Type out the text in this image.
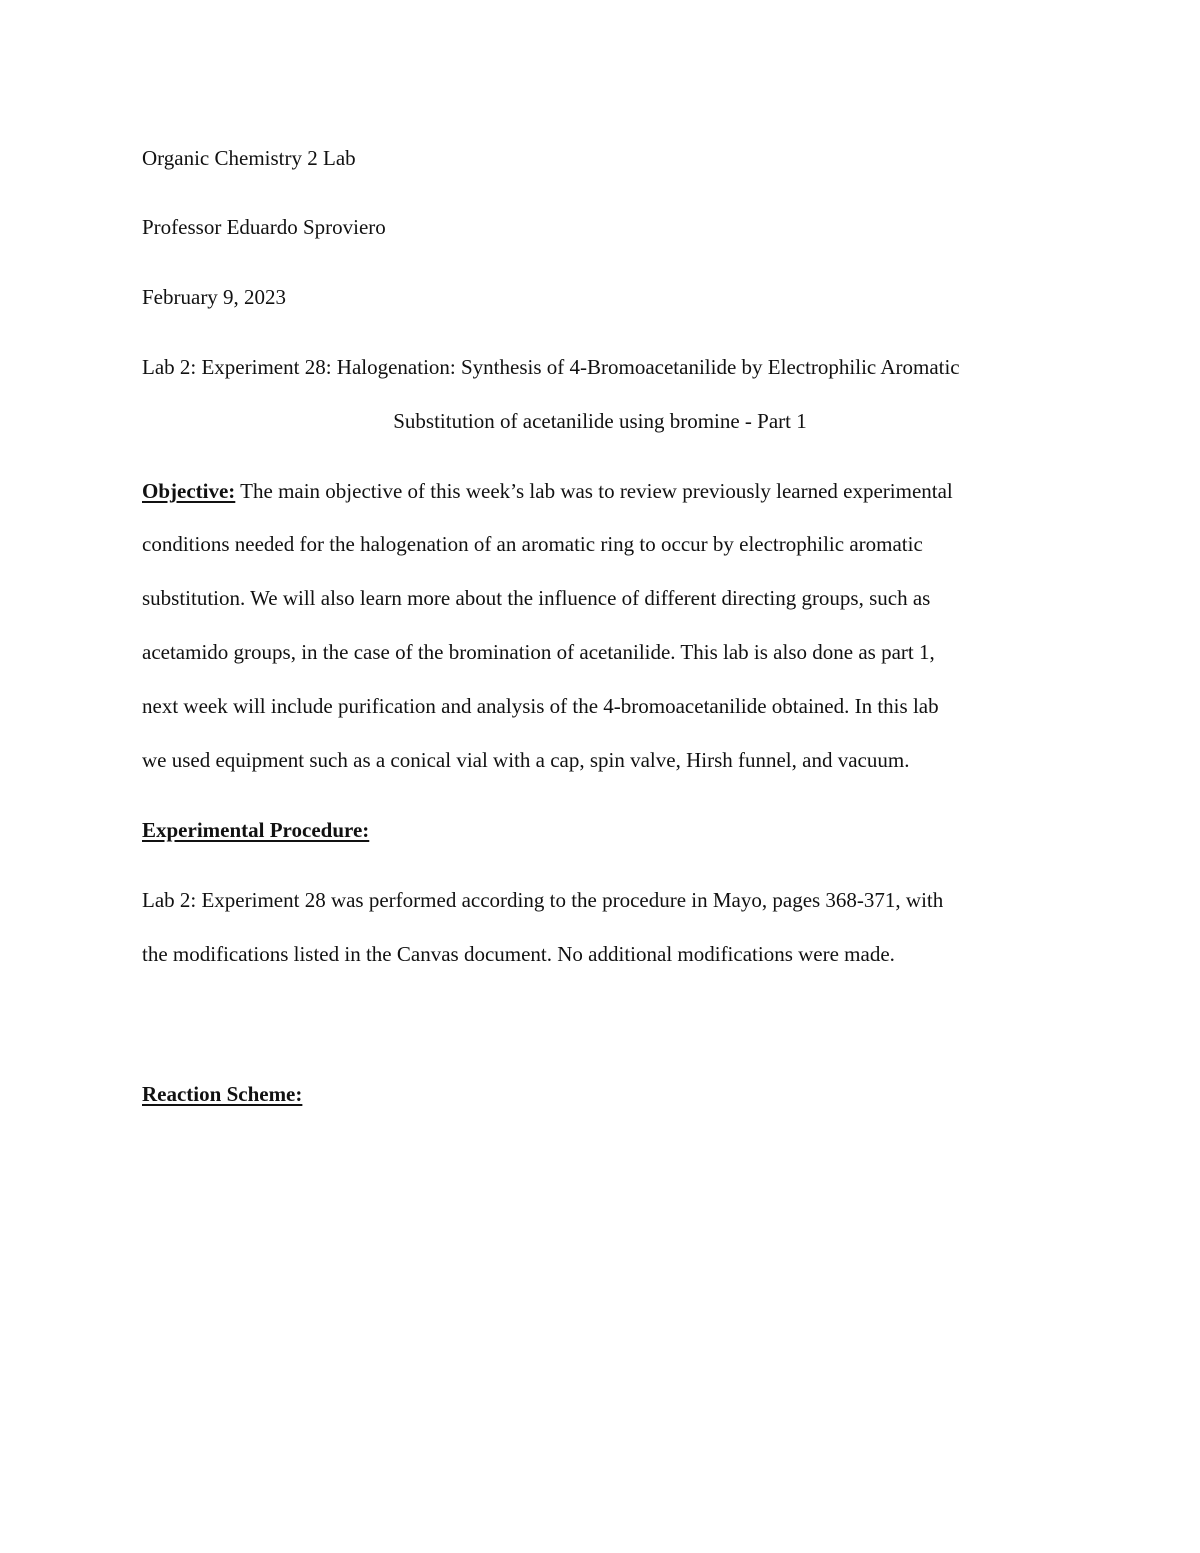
Organic Chemistry 2 Lab

Professor Eduardo Sproviero

February 9, 2023

Lab 2: Experiment 28: Halogenation: Synthesis of 4-Bromoacetanilide by Electrophilic Aromatic

Substitution of acetanilide using bromine - Part 1

Objective: The main objective of this week’s lab was to review previously learned experimental

conditions needed for the halogenation of an aromatic ring to occur by electrophilic aromatic

substitution. We will also learn more about the influence of different directing groups, such as

acetamido groups, in the case of the bromination of acetanilide. This lab is also done as part 1,

next week will include purification and analysis of the 4-bromoacetanilide obtained. In this lab

we used equipment such as a conical vial with a cap, spin valve, Hirsh funnel, and vacuum.

Experimental Procedure:

Lab 2: Experiment 28 was performed according to the procedure in Mayo, pages 368-371, with

the modifications listed in the Canvas document. No additional modifications were made.

Reaction Scheme:
